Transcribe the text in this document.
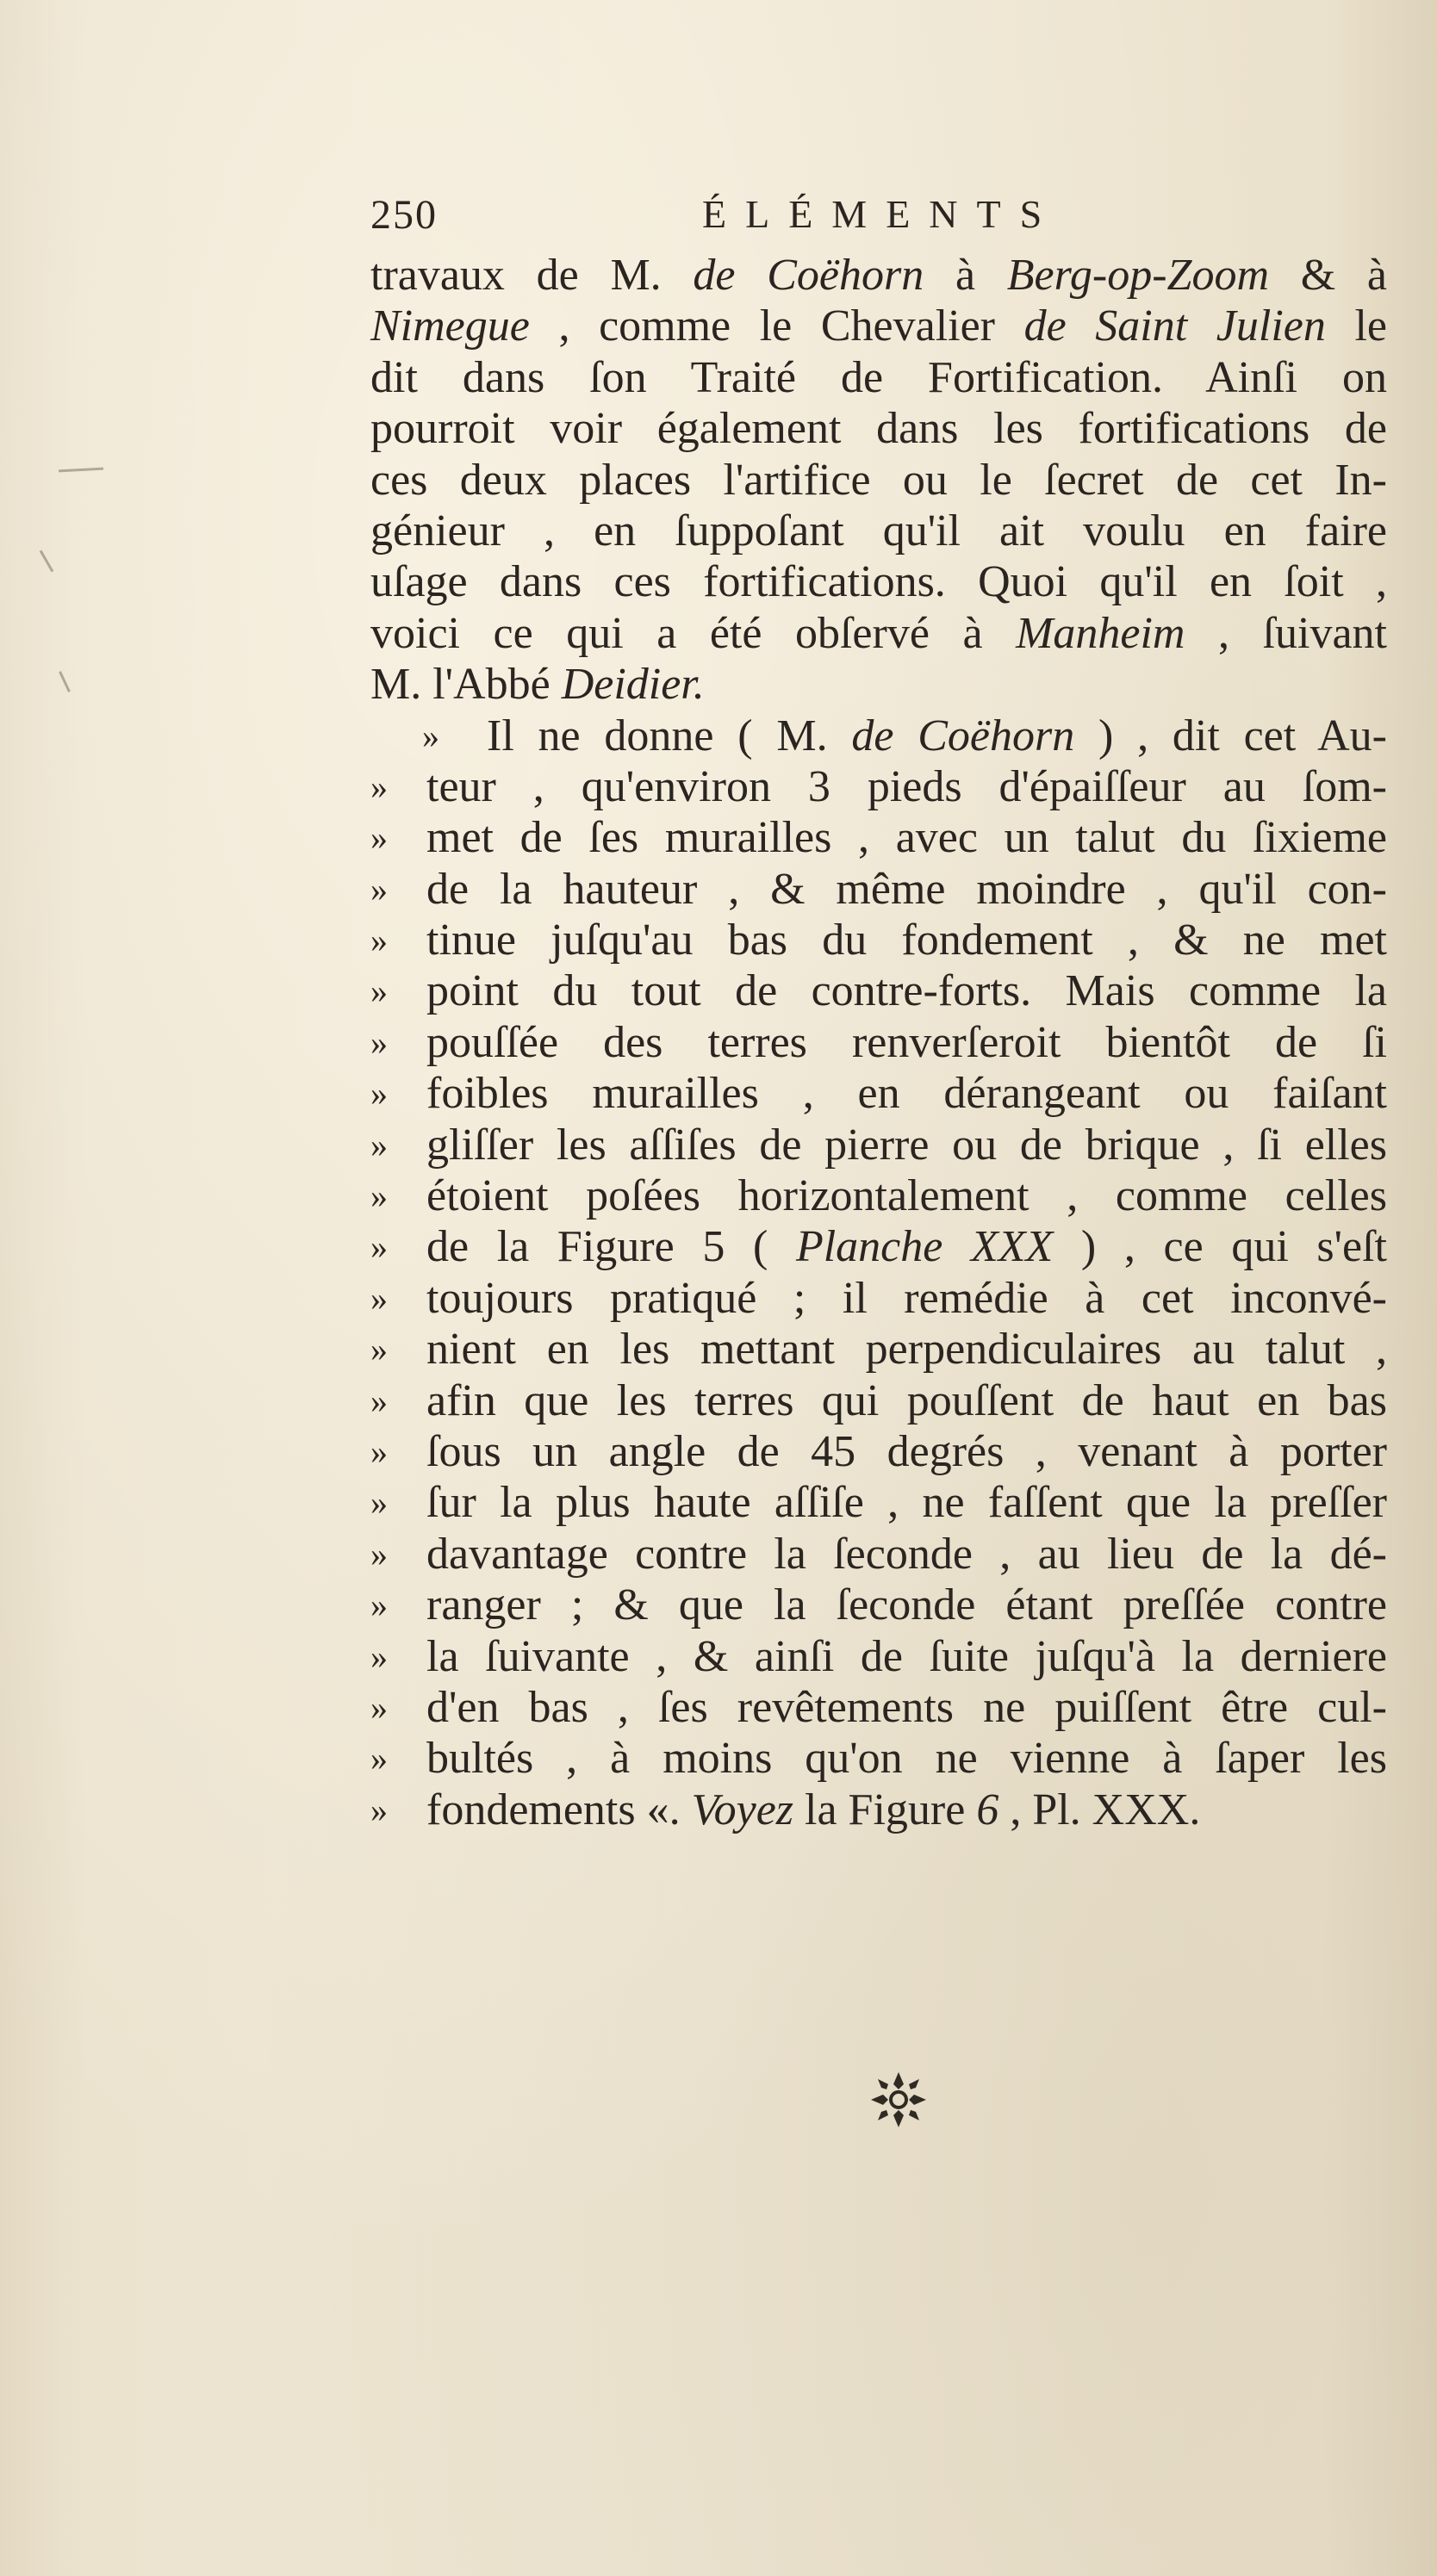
250	ÉLÉMENTS
travaux de M. de Coëhorn à Berg-op-Zoom & à
Nimegue , comme le Chevalier de Saint Julien le
dit dans ſon Traité de Fortification. Ainſi on
pourroit voir également dans les fortifications de
ces deux places l'artifice ou le ſecret de cet In-
génieur , en ſuppoſant qu'il ait voulu en faire
uſage dans ces fortifications. Quoi qu'il en ſoit ,
voici ce qui a été obſervé à Manheim , ſuivant
M. l'Abbé Deidier.
»	Il ne donne ( M. de Coëhorn ) , dit cet Au-
» teur , qu'environ 3 pieds d'épaiſſeur au ſom-
» met de ſes murailles , avec un talut du ſixieme
» de la hauteur , & même moindre , qu'il con-
» tinue juſqu'au bas du fondement , & ne met
» point du tout de contre-forts. Mais comme la
» pouſſée des terres renverſeroit bientôt de ſi
» foibles murailles , en dérangeant ou faiſant
» gliſſer les aſſiſes de pierre ou de brique , ſi elles
» étoient poſées horizontalement , comme celles
» de la Figure 5 ( Planche XXX ) , ce qui s'eſt
» toujours pratiqué ; il remédie à cet inconvé-
» nient en les mettant perpendiculaires au talut ,
» afin que les terres qui pouſſent de haut en bas
» ſous un angle de 45 degrés , venant à porter
» ſur la plus haute aſſiſe , ne faſſent que la preſſer
» davantage contre la ſeconde , au lieu de la dé-
» ranger ; & que la ſeconde étant preſſée contre
» la ſuivante , & ainſi de ſuite juſqu'à la derniere
» d'en bas , ſes revêtements ne puiſſent être cul-
» bultés , à moins qu'on ne vienne à ſaper les
» fondements «. Voyez la Figure 6 , Pl. XXX.
